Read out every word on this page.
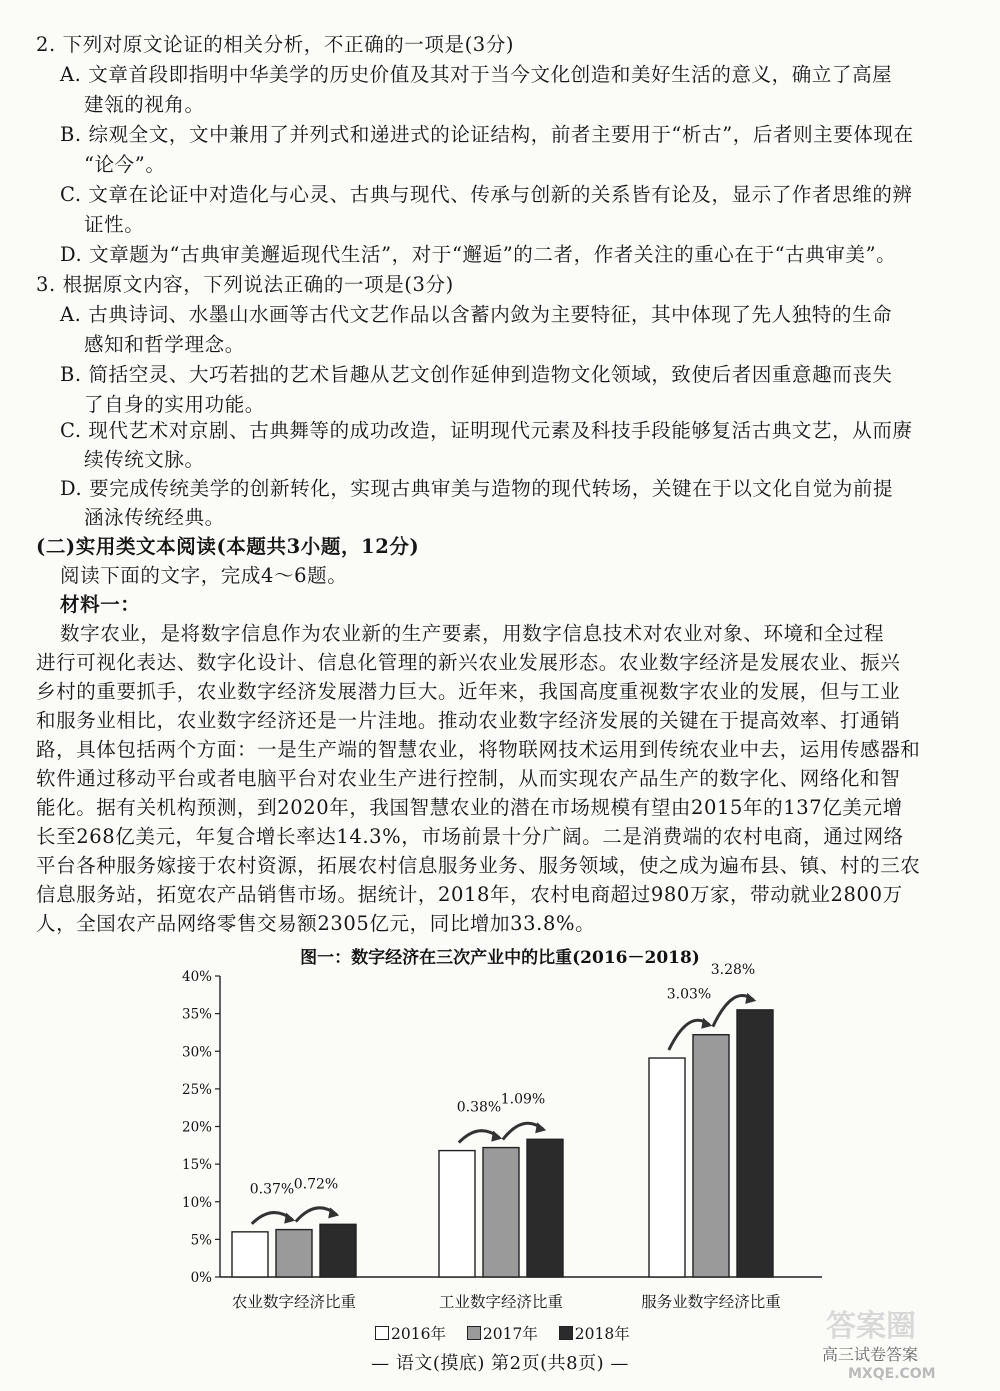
2. 下列对原文论证的相关分析，不正确的一项是(3分)
A. 文章首段即指明中华美学的历史价值及其对于当今文化创造和美好生活的意义，确立了高屋
建瓴的视角。
B. 综观全文，文中兼用了并列式和递进式的论证结构，前者主要用于“析古”，后者则主要体现在
“论今”。
C. 文章在论证中对造化与心灵、古典与现代、传承与创新的关系皆有论及，显示了作者思维的辨
证性。
D. 文章题为“古典审美邂逅现代生活”，对于“邂逅”的二者，作者关注的重心在于“古典审美”。
3. 根据原文内容，下列说法正确的一项是(3分)
A. 古典诗词、水墨山水画等古代文艺作品以含蓄内敛为主要特征，其中体现了先人独特的生命
感知和哲学理念。
B. 简括空灵、大巧若拙的艺术旨趣从艺文创作延伸到造物文化领域，致使后者因重意趣而丧失
了自身的实用功能。
C. 现代艺术对京剧、古典舞等的成功改造，证明现代元素及科技手段能够复活古典文艺，从而赓
续传统文脉。
D. 要完成传统美学的创新转化，实现古典审美与造物的现代转场，关键在于以文化自觉为前提
涵泳传统经典。
(二)实用类文本阅读(本题共3小题，12分)
阅读下面的文字，完成4～6题。
材料一：
数字农业，是将数字信息作为农业新的生产要素，用数字信息技术对农业对象、环境和全过程
进行可视化表达、数字化设计、信息化管理的新兴农业发展形态。农业数字经济是发展农业、振兴
乡村的重要抓手，农业数字经济发展潜力巨大。近年来，我国高度重视数字农业的发展，但与工业
和服务业相比，农业数字经济还是一片洼地。推动农业数字经济发展的关键在于提高效率、打通销
路，具体包括两个方面：一是生产端的智慧农业，将物联网技术运用到传统农业中去，运用传感器和
软件通过移动平台或者电脑平台对农业生产进行控制，从而实现农产品生产的数字化、网络化和智
能化。据有关机构预测，到2020年，我国智慧农业的潜在市场规模有望由2015年的137亿美元增
长至268亿美元，年复合增长率达14.3%，市场前景十分广阔。二是消费端的农村电商，通过网络
平台各种服务嫁接于农村资源，拓展农村信息服务业务、服务领域，使之成为遍布县、镇、村的三农
信息服务站，拓宽农产品销售市场。据统计，2018年，农村电商超过980万家，带动就业2800万
人，全国农产品网络零售交易额2305亿元，同比增加33.8%。
图一：数字经济在三次产业中的比重(2016－2018)
0%
5%
10%
15%
20%
25%
30%
35%
40%
0.37% 0.72%
农业数字经济比重
0.38%
1.09%
工业数字经济比重
3.03%
3.28%
服务业数字经济比重
2016年 2017年 2018年
— 语文(摸底) 第2页(共8页) —
答案圈
高三试卷答案
MXQE.COM
